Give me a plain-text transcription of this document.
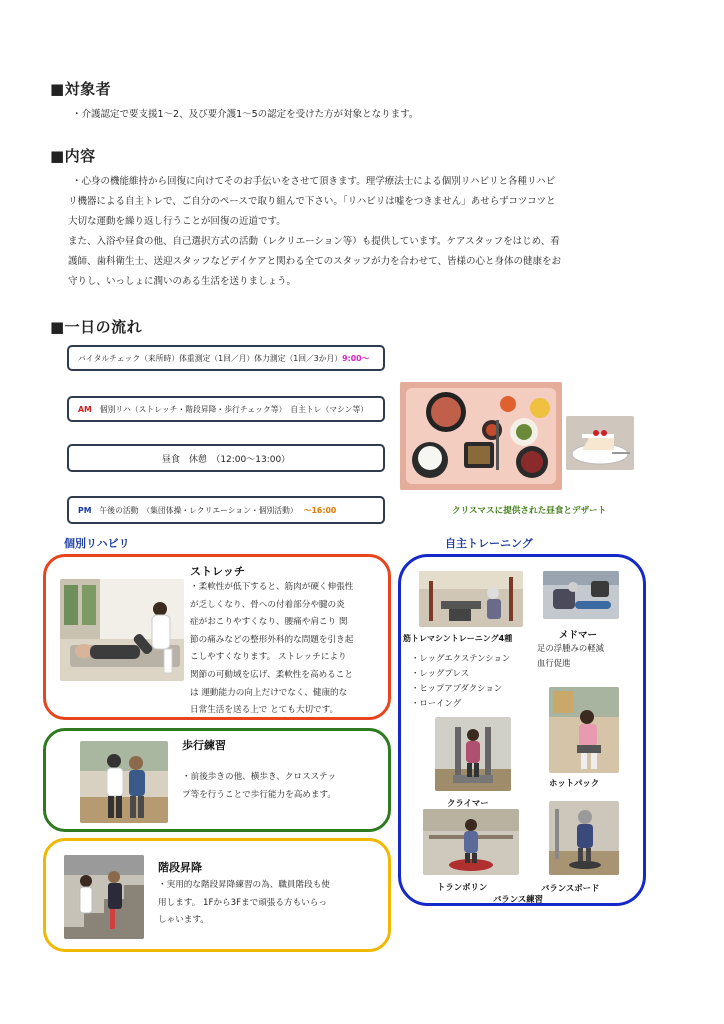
■対象者
・介護認定で要支援1～2、及び要介護1～5の認定を受けた方が対象となります。
■内容
・心身の機能維持から回復に向けてそのお手伝いをさせて頂きます。理学療法士による個別リハビリと各種リハビ
リ機器による自主トレで、ご自分のペースで取り組んで下さい。「リハビリは嘘をつきません」あせらずコツコツと
大切な運動を繰り返し行うことが回復の近道です。
また、入浴や昼食の他、自己選択方式の活動（レクリエーション等）も提供しています。ケアスタッフをはじめ、看
護師、歯科衛生士、送迎スタッフなどデイケアと関わる全てのスタッフが力を合わせて、皆様の心と身体の健康をお
守りし、いっしょに潤いのある生活を送りましょう。
■一日の流れ
バイタルチェック（来所時）体重測定（1回／月）体力測定（1回／3か月） 9:00～
AM 個別リハ（ストレッチ・階段昇降・歩行チェック等）　自主トレ（マシン等）
昼食　休憩　（12:00～13:00）
PM 午後の活動　（集団体操・レクリエーション・個別活動） ～16:00	クリスマスに提供された昼食とデザート
個別リハビリ	自主トレーニング
ストレッチ
・柔軟性が低下すると、筋肉が硬く伸張性
が乏しくなり、骨への付着部分や腱の炎
症がおこりやすくなり、腰痛や肩こり 関
節の痛みなどの整形外科的な問題を引き起
こしやすくなります。 ストレッチにより
関節の可動域を広げ、柔軟性を高めること
は 運動能力の向上だけでなく、健康的な
日常生活を送る上で とても大切です。
歩行練習
・前後歩きの他、横歩き、クロスステッ
プ等を行うことで歩行能力を高めます。
階段昇降
・実用的な階段昇降練習の為、職員階段も使
用します。 1Fから3Fまで頑張る方もいらっ
しゃいます。
筋トレマシントレーニング4種
・レッグエクステンション
・レッグプレス
・ヒップアブダクション
・ローイング
メドマー
足の浮腫みの軽減
血行促進
ホットパック
クライマー
トランポリン	バランスボード
バランス練習
